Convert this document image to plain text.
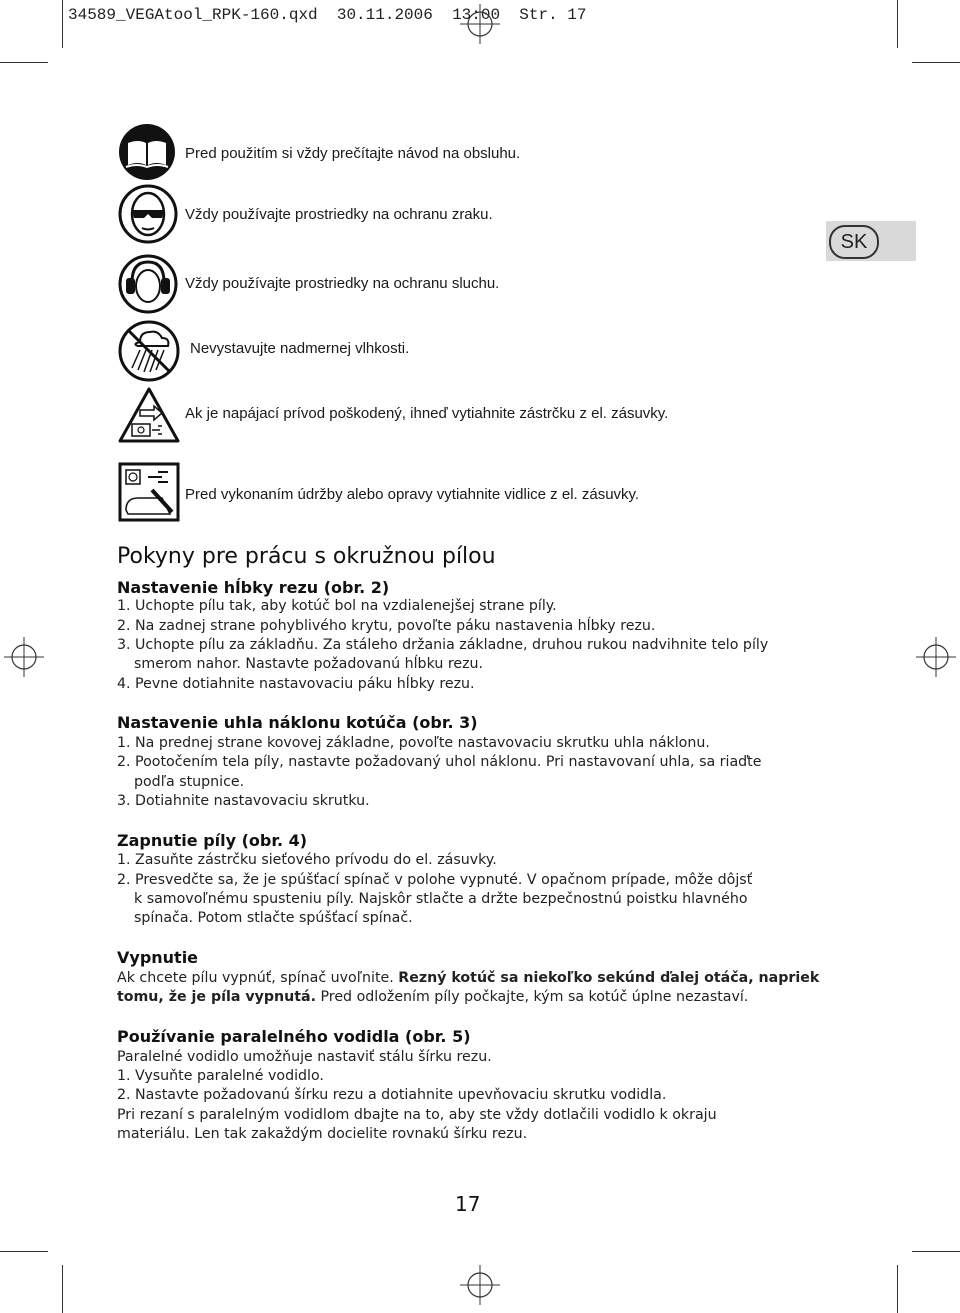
34589_VEGAtool_RPK-160.qxd 30.11.2006 13:00 Str. 17
SK
Pred použitím si vždy prečítajte návod na obsluhu.
Vždy používajte prostriedky na ochranu zraku.
Vždy používajte prostriedky na ochranu sluchu.
Nevystavujte nadmernej vlhkosti.
Ak je napájací prívod poškodený, ihneď vytiahnite zástrčku z el. zásuvky.
Pred vykonaním údržby alebo opravy vytiahnite vidlice z el. zásuvky.
Pokyny pre prácu s okružnou pílou
Nastavenie hĺbky rezu (obr. 2)
1. Uchopte pílu tak, aby kotúč bol na vzdialenejšej strane píly.
2. Na zadnej strane pohyblivého krytu, povoľte páku nastavenia hĺbky rezu.
3. Uchopte pílu za základňu. Za stáleho držania základne, druhou rukou nadvihnite telo píly
smerom nahor. Nastavte požadovanú hĺbku rezu.
4. Pevne dotiahnite nastavovaciu páku hĺbky rezu.
Nastavenie uhla náklonu kotúča (obr. 3)
1. Na prednej strane kovovej základne, povoľte nastavovaciu skrutku uhla náklonu.
2. Pootočením tela píly, nastavte požadovaný uhol náklonu. Pri nastavovaní uhla, sa riaďte
podľa stupnice.
3. Dotiahnite nastavovaciu skrutku.
Zapnutie píly (obr. 4)
1. Zasuňte zástrčku sieťového prívodu do el. zásuvky.
2. Presvedčte sa, že je spúšťací spínač v polohe vypnuté. V opačnom prípade, môže dôjsť
k samovoľnému spusteniu píly. Najskôr stlačte a držte bezpečnostnú poistku hlavného
spínača. Potom stlačte spúšťací spínač.
Vypnutie
Ak chcete pílu vypnúť, spínač uvoľnite. Rezný kotúč sa niekoľko sekúnd ďalej otáča, napriek
tomu, že je píla vypnutá. Pred odložením píly počkajte, kým sa kotúč úplne nezastaví.
Používanie paralelného vodidla (obr. 5)
Paralelné vodidlo umožňuje nastaviť stálu šírku rezu.
1. Vysuňte paralelné vodidlo.
2. Nastavte požadovanú šírku rezu a dotiahnite upevňovaciu skrutku vodidla.
Pri rezaní s paralelným vodidlom dbajte na to, aby ste vždy dotlačili vodidlo k okraju
materiálu. Len tak zakaždým docielite rovnakú šírku rezu.
17
